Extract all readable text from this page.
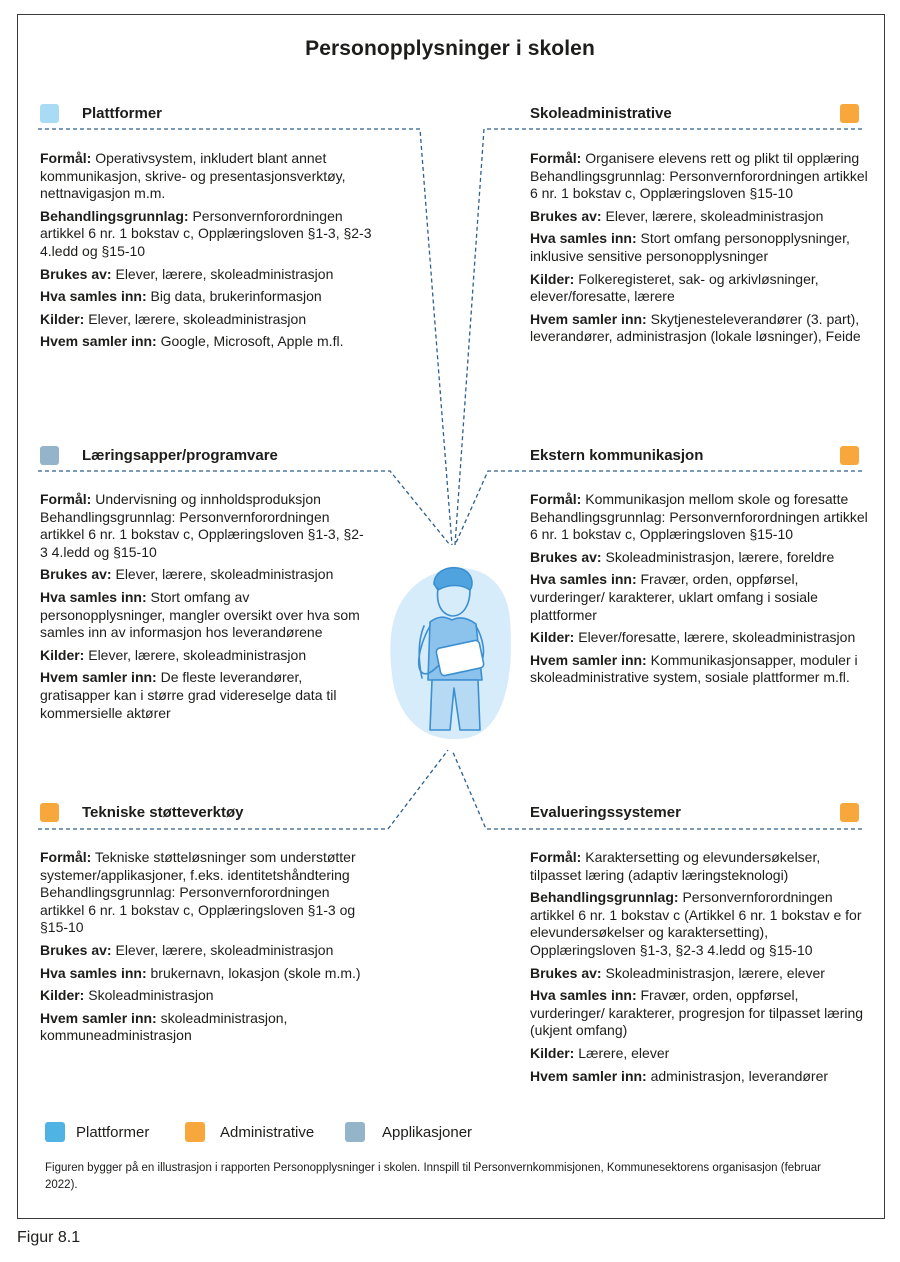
Personopplysninger i skolen
Plattformer

Formål: Operativsystem, inkludert blant annet kommunikasjon, skrive- og presentasjonsverktøy, nettnavigasjon m.m.

Behandlingsgrunnlag: Personvernforordningen artikkel 6 nr. 1 bokstav c, Opplæringsloven §1-3, §2-3 4.ledd og §15-10

Brukes av: Elever, lærere, skoleadministrasjon

Hva samles inn: Big data, brukerinformasjon

Kilder: Elever, lærere, skoleadministrasjon

Hvem samler inn: Google, Microsoft, Apple m.fl.

Skoleadministrative

Formål: Organisere elevens rett og plikt til opplæring Behandlingsgrunnlag: Personvernforordningen artikkel 6 nr. 1 bokstav c, Opplæringsloven §15-10

Brukes av: Elever, lærere, skoleadministrasjon

Hva samles inn: Stort omfang personopplysninger, inklusive sensitive personopplysninger

Kilder: Folkeregisteret, sak- og arkivløsninger, elever/foresatte, lærere

Hvem samler inn: Skytjenesteleverandører (3. part), leverandører, administrasjon (lokale løsninger), Feide

Læringsapper/programvare

Formål: Undervisning og innholdsproduksjon Behandlingsgrunnlag: Personvernforordningen artikkel 6 nr. 1 bokstav c, Opplæringsloven §1-3, §2-3 4.ledd og §15-10

Brukes av: Elever, lærere, skoleadministrasjon

Hva samles inn: Stort omfang av personopplysninger, mangler oversikt over hva som samles inn av informasjon hos leverandørene

Kilder: Elever, lærere, skoleadministrasjon

Hvem samler inn: De fleste leverandører, gratisapper kan i større grad videreselge data til kommersielle aktører

Ekstern kommunikasjon

Formål: Kommunikasjon mellom skole og foresatte Behandlingsgrunnlag: Personvernforordningen artikkel 6 nr. 1 bokstav c, Opplæringsloven §15-10

Brukes av: Skoleadministrasjon, lærere, foreldre

Hva samles inn: Fravær, orden, oppførsel, vurderinger/ karakterer, uklart omfang i sosiale plattformer

Kilder: Elever/foresatte, lærere, skoleadministrasjon

Hvem samler inn: Kommunikasjonsapper, moduler i skoleadministrative system, sosiale plattformer m.fl.

Tekniske støtteverktøy

Formål: Tekniske støtteløsninger som understøtter systemer/applikasjoner, f.eks. identitetshåndtering Behandlingsgrunnlag: Personvernforordningen artikkel 6 nr. 1 bokstav c, Opplæringsloven §1-3 og §15-10

Brukes av: Elever, lærere, skoleadministrasjon

Hva samles inn: brukernavn, lokasjon (skole m.m.)

Kilder: Skoleadministrasjon

Hvem samler inn: skoleadministrasjon, kommuneadministrasjon

Evalueringssystemer

Formål: Karaktersetting og elevundersøkelser, tilpasset læring (adaptiv læringsteknologi)

Behandlingsgrunnlag: Personvernforordningen artikkel 6 nr. 1 bokstav c (Artikkel 6 nr. 1 bokstav e for elevundersøkelser og karaktersetting), Opplæringsloven §1-3, §2-3 4.ledd og §15-10

Brukes av: Skoleadministrasjon, lærere, elever

Hva samles inn: Fravær, orden, oppførsel, vurderinger/ karakterer, progresjon for tilpasset læring (ukjent omfang)

Kilder: Lærere, elever

Hvem samler inn: administrasjon, leverandører

Plattformer	Administrative	Applikasjoner
Figuren bygger på en illustrasjon i rapporten Personopplysninger i skolen. Innspill til Personvernkommisjonen, Kommunesektorens organisasjon (februar 2022).
Figur 8.1
